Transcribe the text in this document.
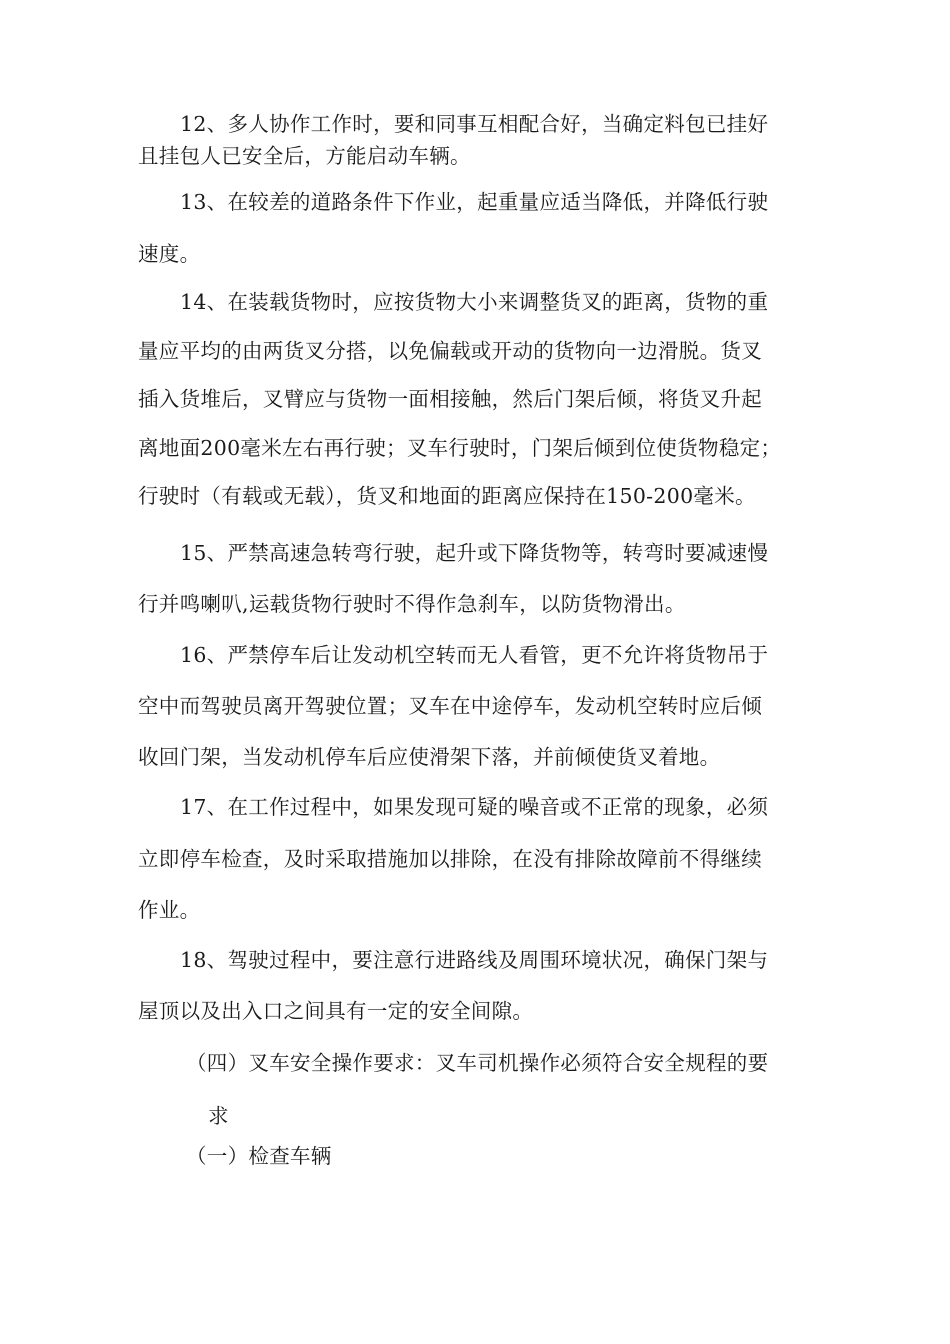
12、多人协作工作时，要和同事互相配合好，当确定料包已挂好
且挂包人已安全后，方能启动车辆。

13、在较差的道路条件下作业，起重量应适当降低，并降低行驶
速度。

14、在装载货物时，应按货物大小来调整货叉的距离，货物的重
量应平均的由两货叉分搭，以免偏载或开动的货物向一边滑脱。货叉
插入货堆后，叉臂应与货物一面相接触，然后门架后倾，将货叉升起
离地面200毫米左右再行驶；叉车行驶时，门架后倾到位使货物稳定；
行驶时（有载或无载），货叉和地面的距离应保持在150-200毫米。

15、严禁高速急转弯行驶，起升或下降货物等，转弯时要减速慢
行并鸣喇叭,运载货物行驶时不得作急刹车，以防货物滑出。

16、严禁停车后让发动机空转而无人看管，更不允许将货物吊于
空中而驾驶员离开驾驶位置；叉车在中途停车，发动机空转时应后倾
收回门架，当发动机停车后应使滑架下落，并前倾使货叉着地。

17、在工作过程中，如果发现可疑的噪音或不正常的现象，必须
立即停车检查，及时采取措施加以排除，在没有排除故障前不得继续
作业。

18、驾驶过程中，要注意行进路线及周围环境状况，确保门架与
屋顶以及出入口之间具有一定的安全间隙。

（四）叉车安全操作要求：叉车司机操作必须符合安全规程的要
求

（一）检查车辆
